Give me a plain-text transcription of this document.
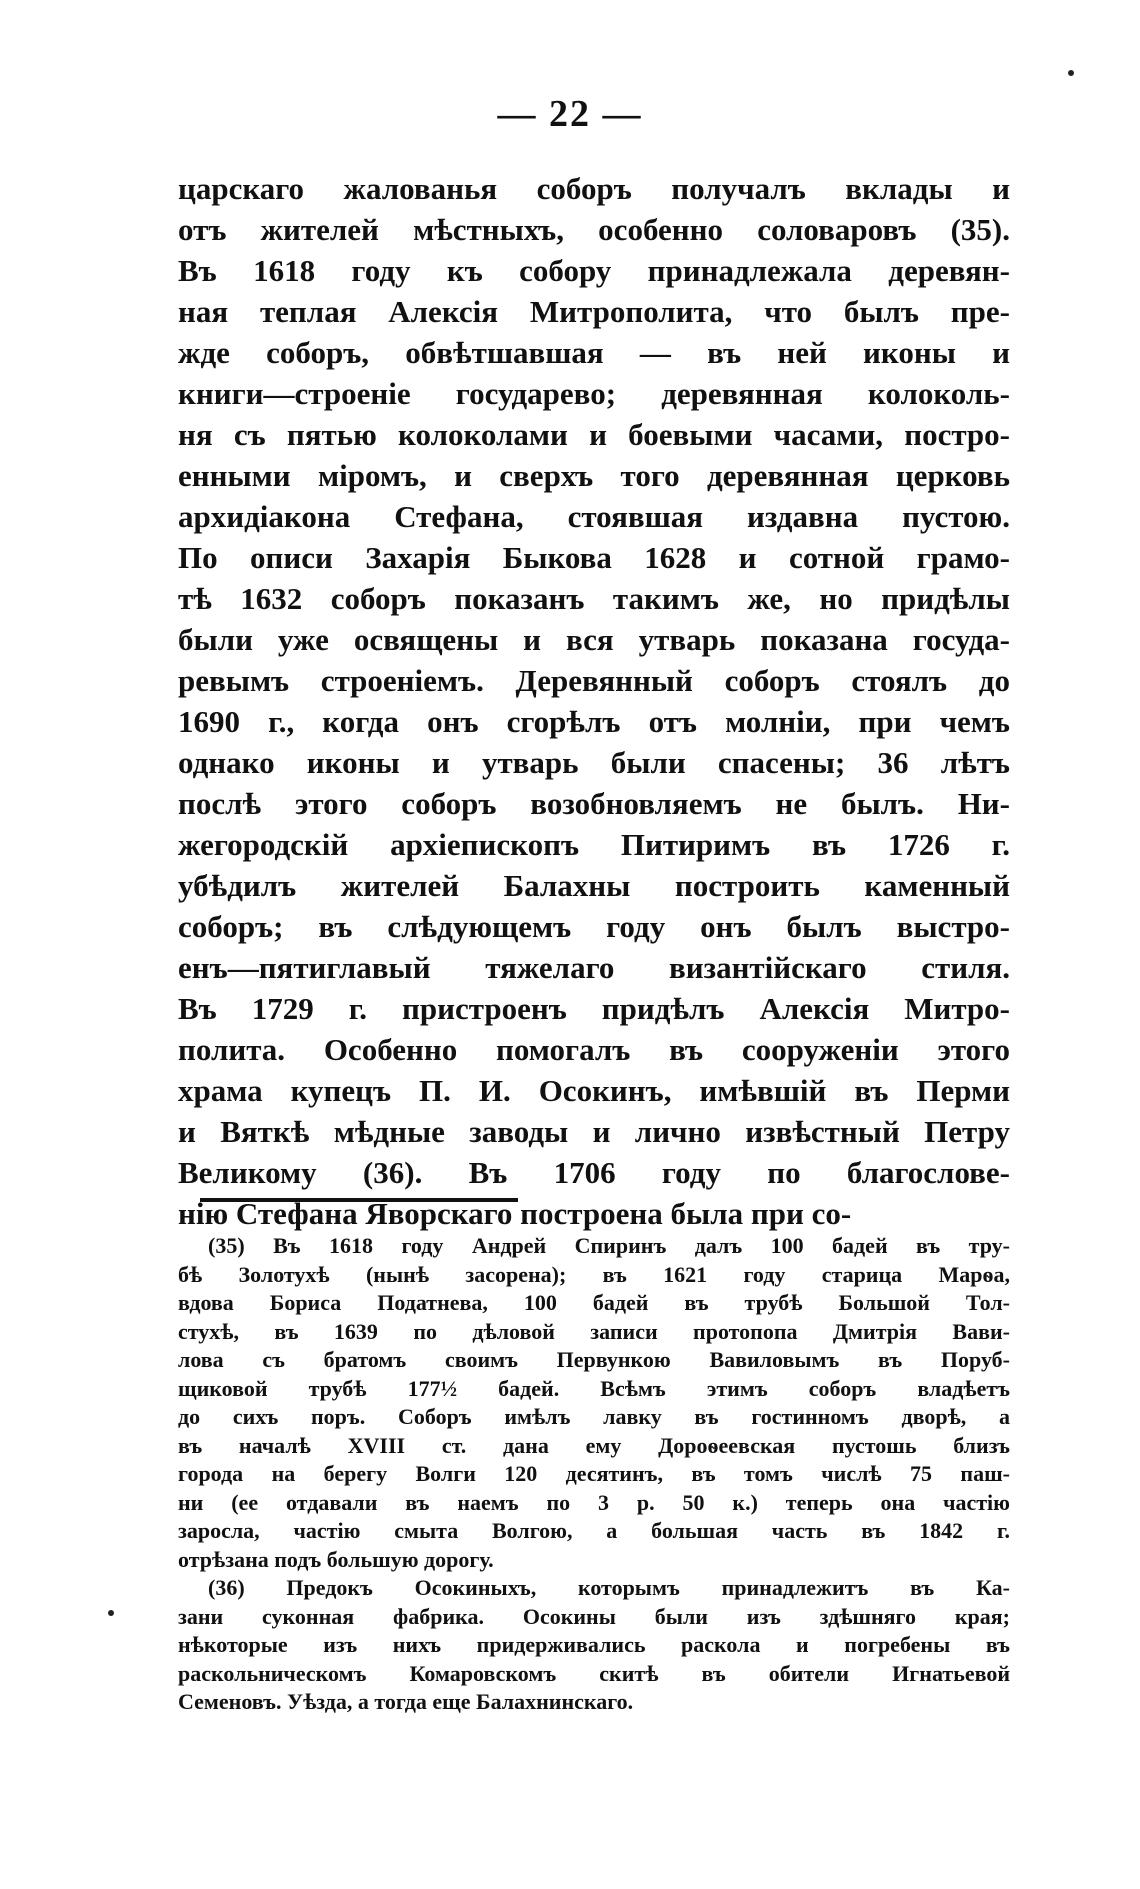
— 22 —
царскаго жалованья соборъ получалъ вклады и
отъ жителей мѣстныхъ, особенно соловаровъ (35).
Въ 1618 году къ собору принадлежала деревян-
ная теплая Алексія Митрополита, что былъ пре-
жде соборъ, обвѣтшавшая — въ ней иконы и
книги—строеніе государево; деревянная колоколь-
ня съ пятью колоколами и боевыми часами, постро-
енными міромъ, и сверхъ того деревянная церковь
архидіакона Стефана, стоявшая издавна пустою.
По описи Захарія Быкова 1628 и сотной грамо-
тѣ 1632 соборъ показанъ такимъ же, но придѣлы
были уже освящены и вся утварь показана госуда-
ревымъ строеніемъ. Деревянный соборъ стоялъ до
1690 г., когда онъ сгорѣлъ отъ молніи, при чемъ
однако иконы и утварь были спасены; 36 лѣтъ
послѣ этого соборъ возобновляемъ не былъ. Ни-
жегородскій архіепископъ Питиримъ въ 1726 г.
убѣдилъ жителей Балахны построить каменный
соборъ; въ слѣдующемъ году онъ былъ выстро-
енъ—пятиглавый тяжелаго византійскаго стиля.
Въ 1729 г. пристроенъ придѣлъ Алексія Митро-
полита. Особенно помогалъ въ сооруженіи этого
храма купецъ П. И. Осокинъ, имѣвшій въ Перми
и Вяткѣ мѣдные заводы и лично извѣстный Петру
Великому (36). Въ 1706 году по благослове-
нію Стефана Яворскаго построена была при со-
(35) Въ 1618 году Андрей Спиринъ далъ 100 бадей въ тру-
бѣ Золотухѣ (нынѣ засорена); въ 1621 году старица Марѳа,
вдова Бориса Податнева, 100 бадей въ трубѣ Большой Тол-
стухѣ, въ 1639 по дѣловой записи протопопа Дмитрія Вави-
лова съ братомъ своимъ Первункою Вавиловымъ въ Поруб-
щиковой трубѣ 177½ бадей. Всѣмъ этимъ соборъ владѣетъ
до сихъ поръ. Соборъ имѣлъ лавку въ гостинномъ дворѣ, а
въ началѣ XVIII ст. дана ему Дороѳеевская пустошь близъ
города на берегу Волги 120 десятинъ, въ томъ числѣ 75 паш-
ни (ее отдавали въ наемъ по 3 р. 50 к.) теперь она частію
заросла, частію смыта Волгою, а большая часть въ 1842 г.
отрѣзана подъ большую дорогу.
(36) Предокъ Осокиныхъ, которымъ принадлежитъ въ Ка-
зани суконная фабрика. Осокины были изъ здѣшняго края;
нѣкоторые изъ нихъ придерживались раскола и погребены въ
раскольническомъ Комаровскомъ скитѣ въ обители Игнатьевой
Семеновъ. Уѣзда, а тогда еще Балахнинскаго.
